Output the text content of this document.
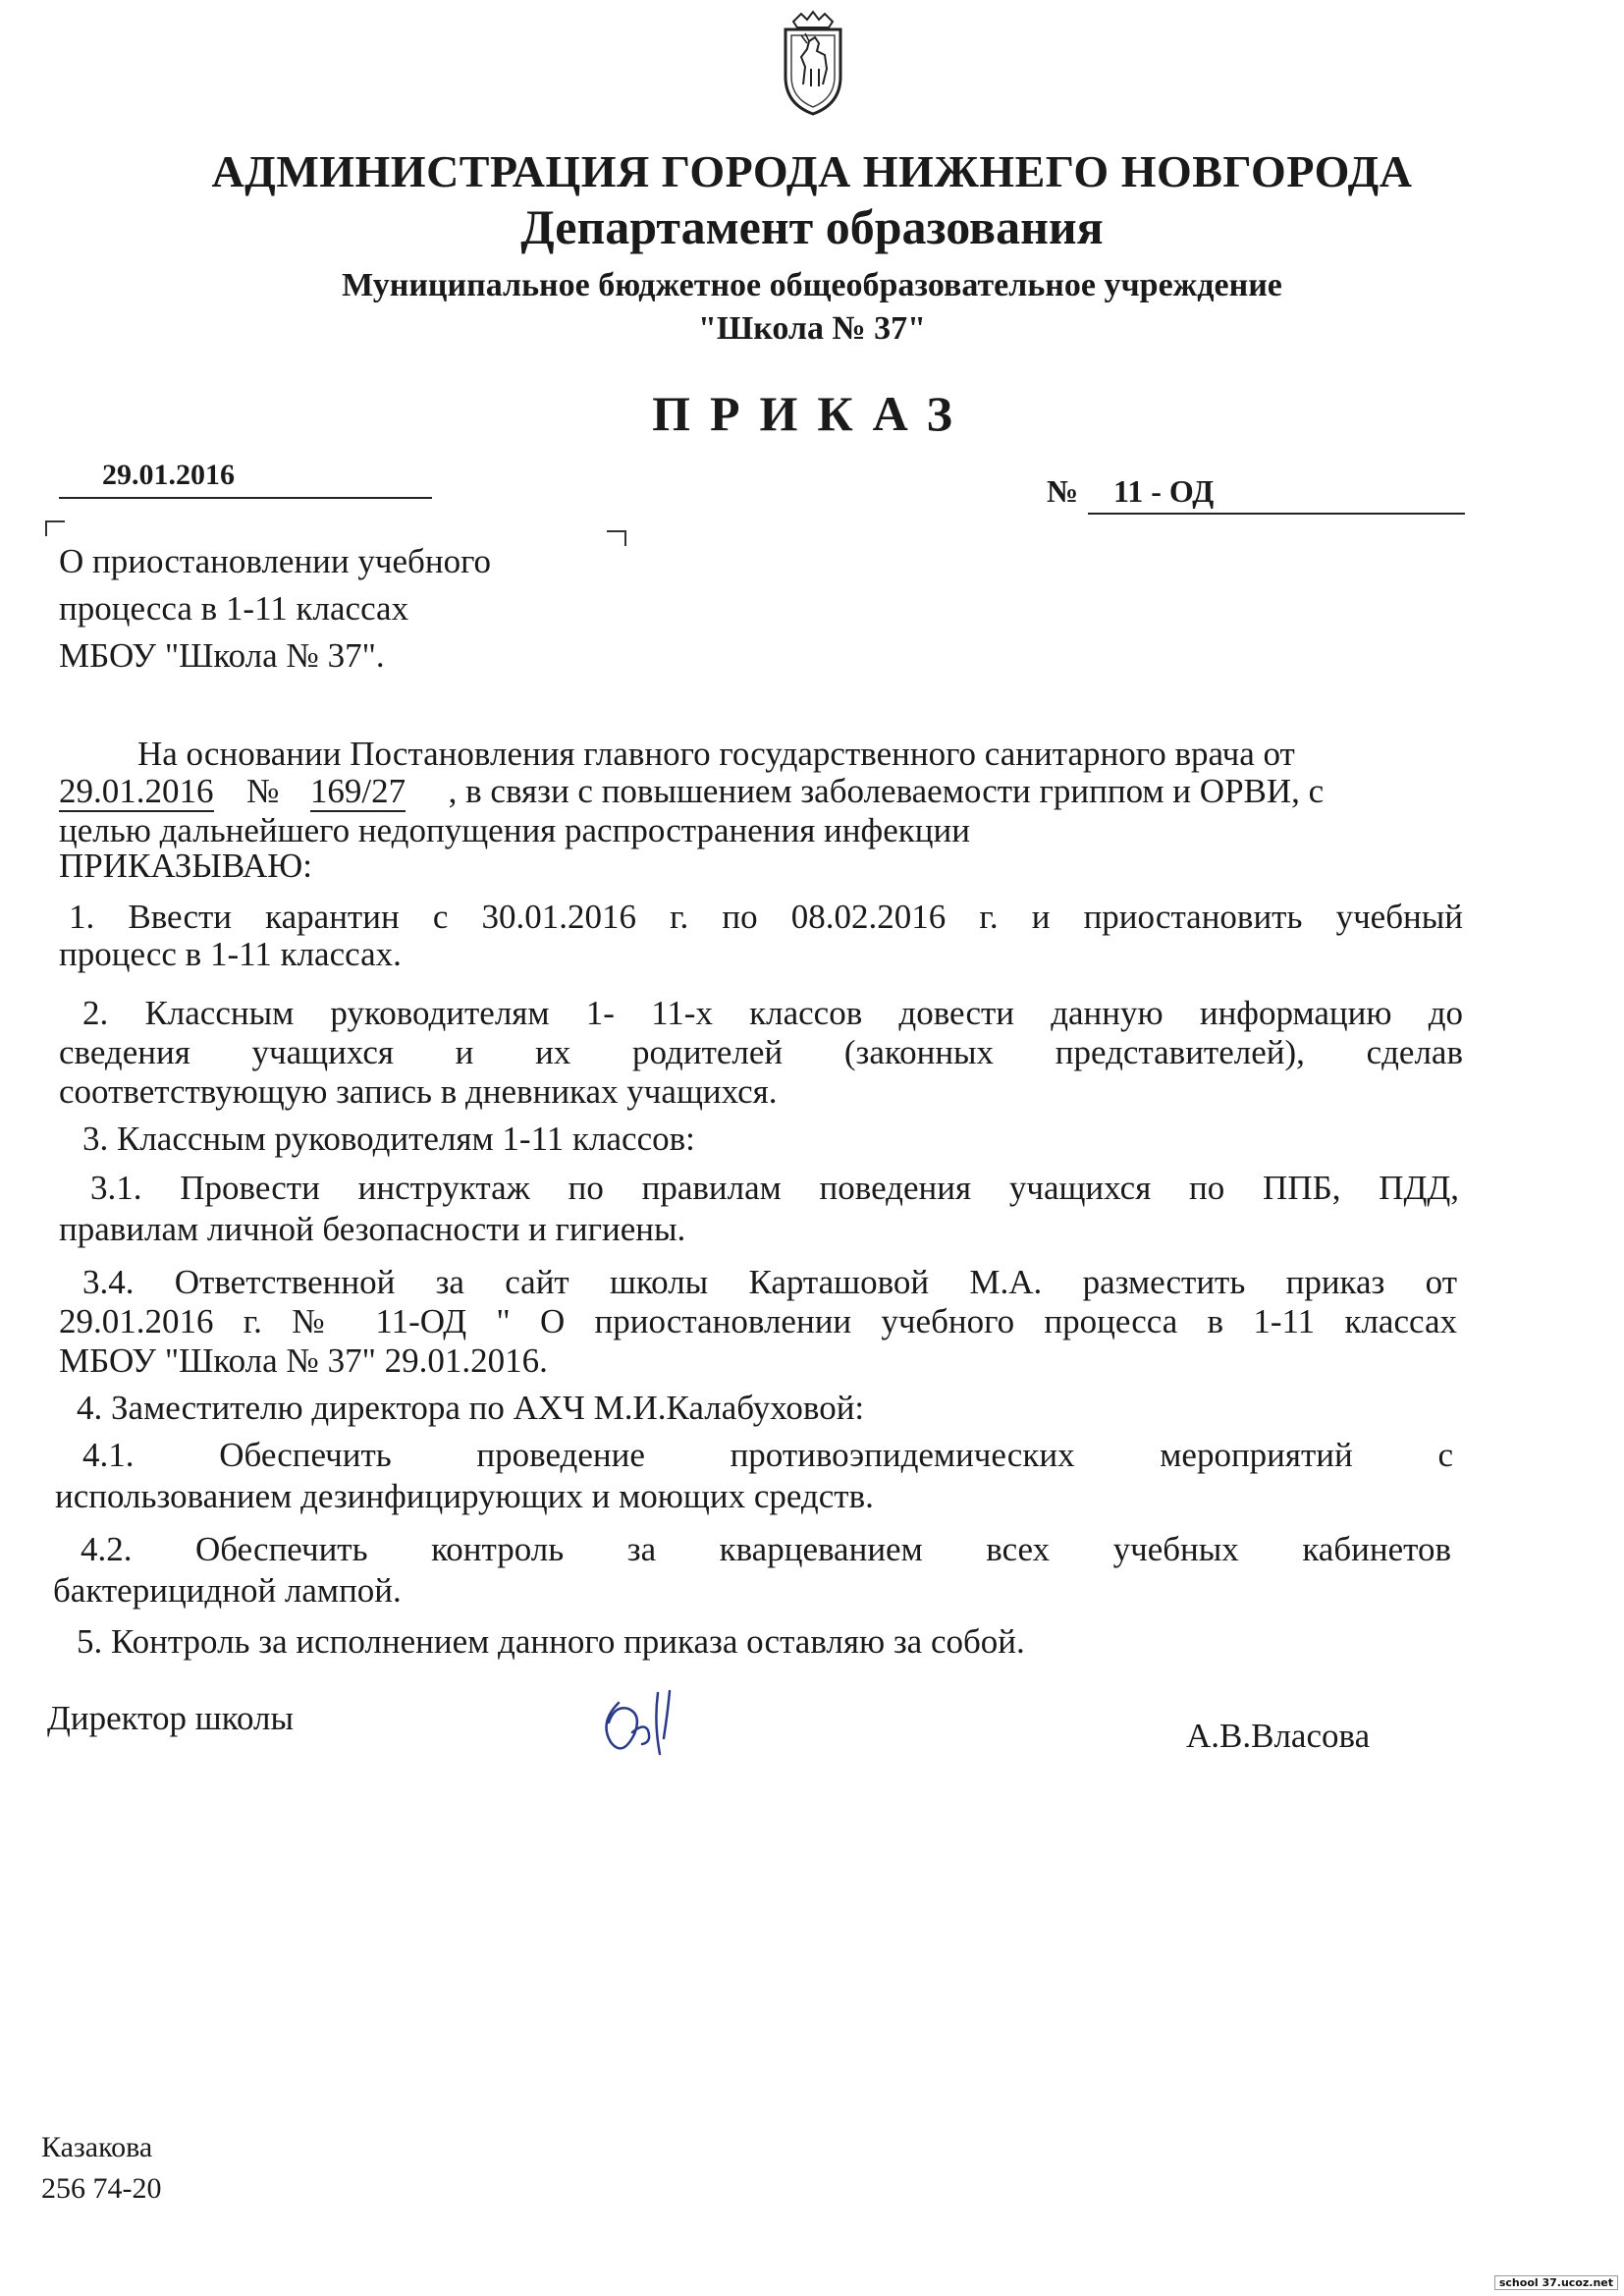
АДМИНИСТРАЦИЯ ГОРОДА НИЖНЕГО НОВГОРОДА
Департамент образования
Муниципальное бюджетное общеобразовательное учреждение
"Школа № 37"
ПРИКАЗ
29.01.2016	№ 11 - ОД
О приостановлении учебного
процесса в 1-11 классах
МБОУ "Школа № 37".
На основании Постановления главного государственного санитарного врача от
29.01.2016 № 169/27 , в связи с повышением заболеваемости гриппом и ОРВИ, с
целью дальнейшего недопущения распространения инфекции
ПРИКАЗЫВАЮ:
1. Ввести карантин с 30.01.2016 г. по 08.02.2016 г. и приостановить учебный
процесс в 1-11 классах.
2. Классным руководителям 1- 11-х классов довести данную информацию до
сведения учащихся и их родителей (законных представителей), сделав
соответствующую запись в дневниках учащихся.
3. Классным руководителям 1-11 классов:
3.1. Провести инструктаж по правилам поведения учащихся по ППБ, ПДД,
правилам личной безопасности и гигиены.
3.4. Ответственной за сайт школы Карташовой М.А. разместить приказ от
29.01.2016 г. № 11-ОД " О приостановлении учебного процесса в 1-11 классах
МБОУ "Школа № 37" 29.01.2016.
4. Заместителю директора по АХЧ М.И.Калабуховой:
4.1. Обеспечить проведение противоэпидемических мероприятий с
использованием дезинфицирующих и моющих средств.
4.2. Обеспечить контроль за кварцеванием всех учебных кабинетов
бактерицидной лампой.
5. Контроль за исполнением данного приказа оставляю за собой.
Директор школы	А.В.Власова
Казакова
256 74-20
school 37.ucoz.net
